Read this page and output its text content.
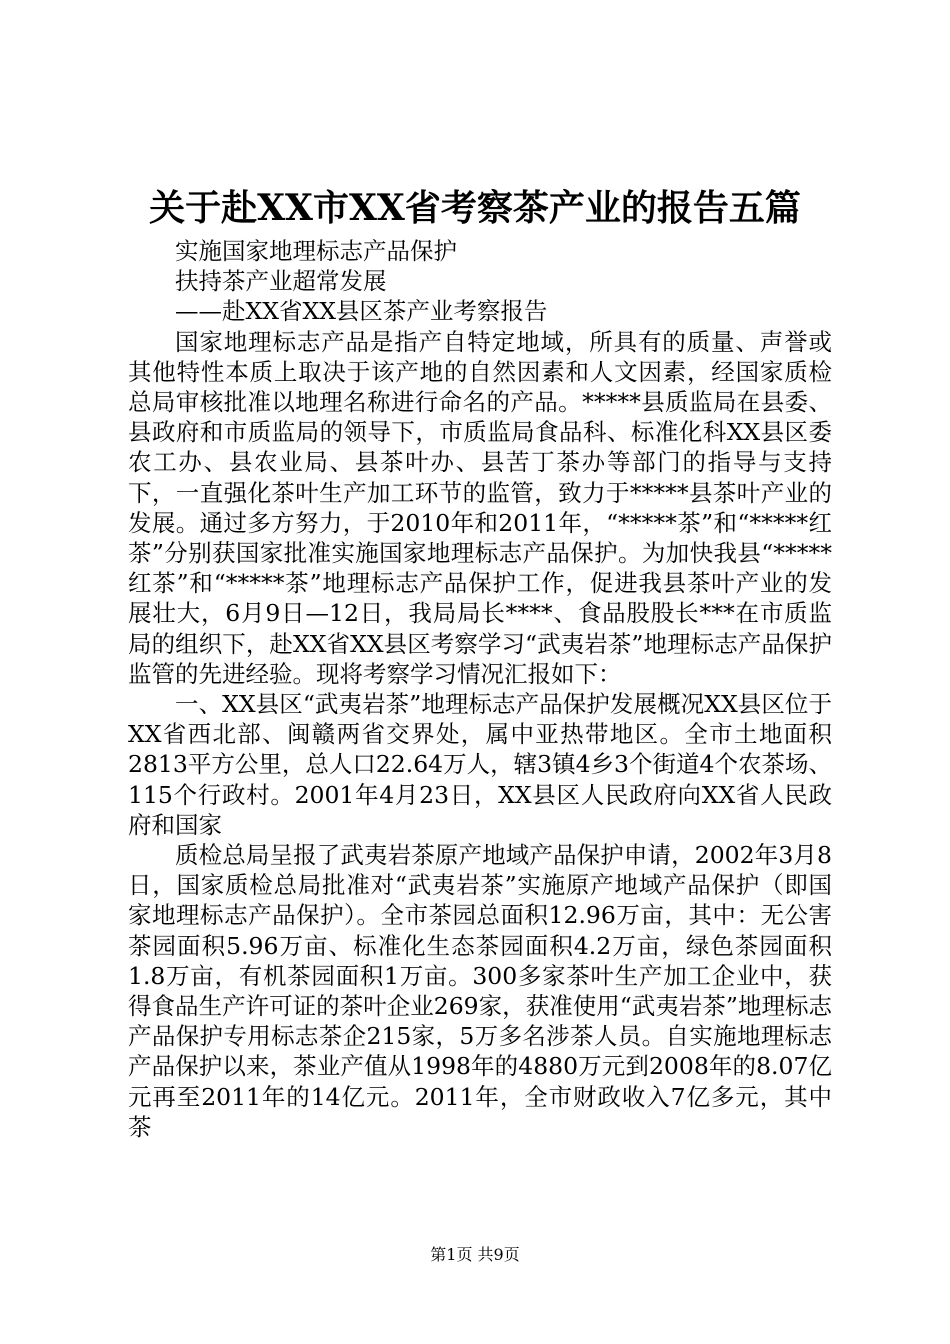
关于赴XX市XX省考察茶产业的报告五篇

实施国家地理标志产品保护

扶持茶产业超常发展

——赴XX省XX县区茶产业考察报告

国家地理标志产品是指产自特定地域，所具有的质量、声誉或其他特性本质上取决于该产地的自然因素和人文因素，经国家质检总局审核批准以地理名称进行命名的产品。*****县质监局在县委、县政府和市质监局的领导下，市质监局食品科、标准化科XX县区委农工办、县农业局、县茶叶办、县苦丁茶办等部门的指导与支持下，一直强化茶叶生产加工环节的监管，致力于*****县茶叶产业的发展。通过多方努力，于2010年和2011年，“*****茶”和“*****红茶”分别获国家批准实施国家地理标志产品保护。为加快我县“*****红茶”和“*****茶”地理标志产品保护工作，促进我县茶叶产业的发展壮大，6月9日—12日，我局局长****、食品股股长***在市质监局的组织下，赴XX省XX县区考察学习“武夷岩茶”地理标志产品保护监管的先进经验。现将考察学习情况汇报如下：

一、XX县区“武夷岩茶”地理标志产品保护发展概况XX县区位于XX省西北部、闽赣两省交界处，属中亚热带地区。全市土地面积2813平方公里，总人口22.64万人，辖3镇4乡3个街道4个农茶场、115个行政村。2001年4月23日，XX县区人民政府向XX省人民政府和国家

质检总局呈报了武夷岩茶原产地域产品保护申请，2002年3月8日，国家质检总局批准对“武夷岩茶”实施原产地域产品保护（即国家地理标志产品保护）。全市茶园总面积12.96万亩，其中：无公害茶园面积5.96万亩、标准化生态茶园面积4.2万亩，绿色茶园面积1.8万亩，有机茶园面积1万亩。300多家茶叶生产加工企业中，获得食品生产许可证的茶叶企业269家，获准使用“武夷岩茶”地理标志产品保护专用标志茶企215家，5万多名涉茶人员。自实施地理标志产品保护以来，茶业产值从1998年的4880万元到2008年的8.07亿元再至2011年的14亿元。2011年，全市财政收入7亿多元，其中茶

第1页 共9页
